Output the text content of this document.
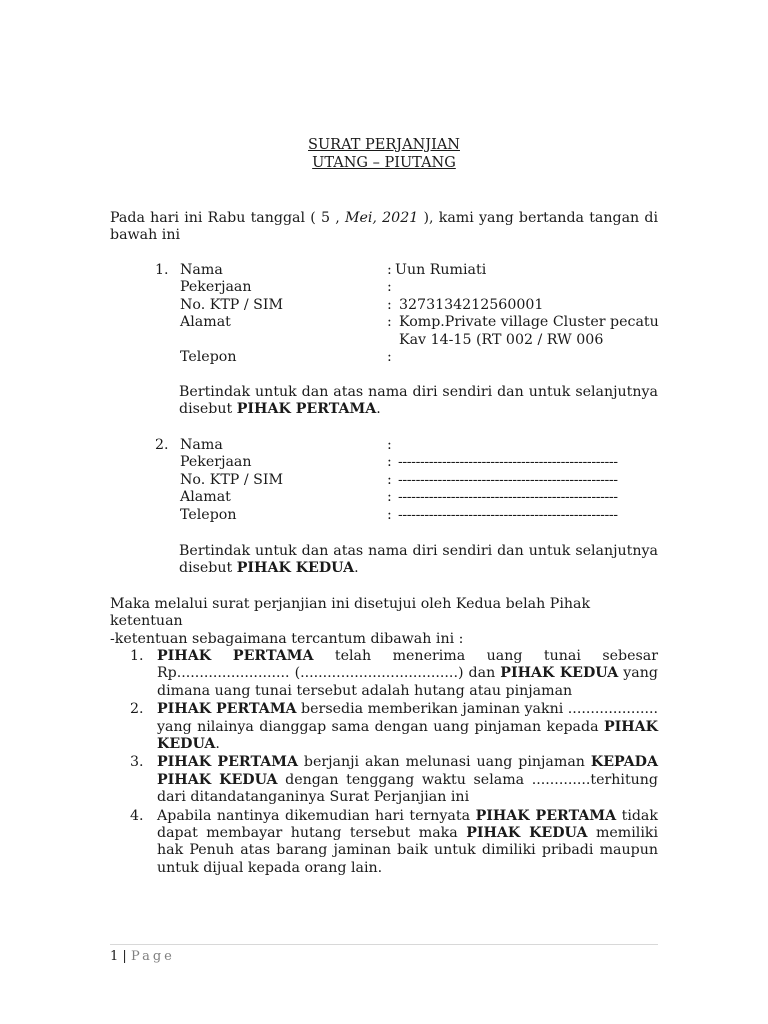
SURAT PERJANJIAN
UTANG – PIUTANG
Pada hari ini Rabu tanggal ( 5 , Mei, 2021 ), kami yang bertanda tangan di bawah ini
1. Nama	: Uun Rumiati
Pekerjaan	:
No. KTP / SIM	: 3273134212560001
Alamat	: Komp.Private village Cluster pecatu Kav 14-15 (RT 002 / RW 006
Telepon	:
Bertindak untuk dan atas nama diri sendiri dan untuk selanjutnya disebut PIHAK PERTAMA.
2. Nama	:
Pekerjaan	: --------------------------------------------------
No. KTP / SIM	: --------------------------------------------------
Alamat	: --------------------------------------------------
Telepon	: --------------------------------------------------
Bertindak untuk dan atas nama diri sendiri dan untuk selanjutnya disebut PIHAK KEDUA.
Maka melalui surat perjanjian ini disetujui oleh Kedua belah Pihak ketentuan
-ketentuan sebagaimana tercantum dibawah ini :
1. PIHAK PERTAMA telah menerima uang tunai sebesar Rp......................... (...................................) dan PIHAK KEDUA yang dimana uang tunai tersebut adalah hutang atau pinjaman
2. PIHAK PERTAMA bersedia memberikan jaminan yakni .................... yang nilainya dianggap sama dengan uang pinjaman kepada PIHAK KEDUA.
3. PIHAK PERTAMA berjanji akan melunasi uang pinjaman KEPADA PIHAK KEDUA dengan tenggang waktu selama .............terhitung dari ditandatanganinya Surat Perjanjian ini
4. Apabila nantinya dikemudian hari ternyata PIHAK PERTAMA tidak dapat membayar hutang tersebut maka PIHAK KEDUA memiliki hak Penuh atas barang jaminan baik untuk dimiliki pribadi maupun untuk dijual kepada orang lain.
1 | Page
